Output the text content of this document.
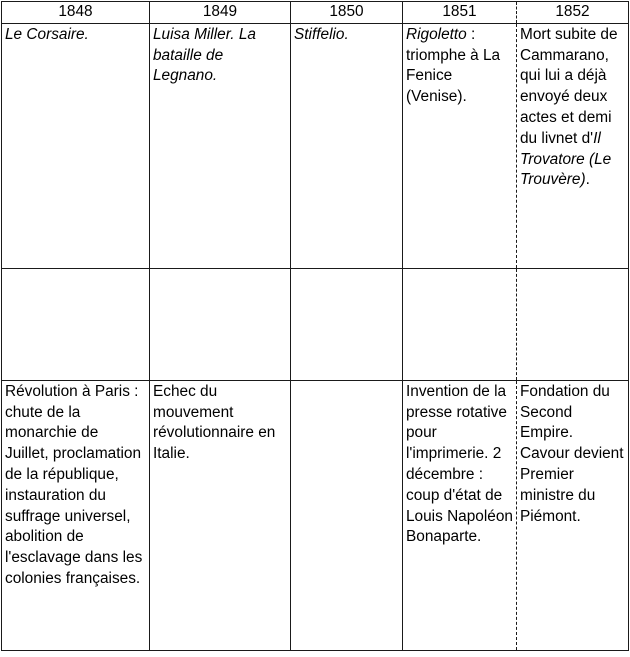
1848	1849	1850	1851	1852
Le Corsaire.	Luisa Miller. La bataille de Legnano.	Stiffelio.	Rigoletto : triomphe à La Fenice (Venise).	Mort subite de Cammarano, qui lui a déjà envoyé deux actes et demi du livnet d'Il Trovatore (Le Trouvère).

Révolution à Paris : chute de la monarchie de Juillet, proclamation de la république, instauration du suffrage universel, abolition de l'esclavage dans les colonies françaises.	Echec du mouvement révolutionnaire en Italie.		Invention de la presse rotative pour l'imprimerie. 2 décembre : coup d'état de Louis Napoléon Bonaparte.	Fondation du Second Empire. Cavour devient Premier ministre du Piémont.
